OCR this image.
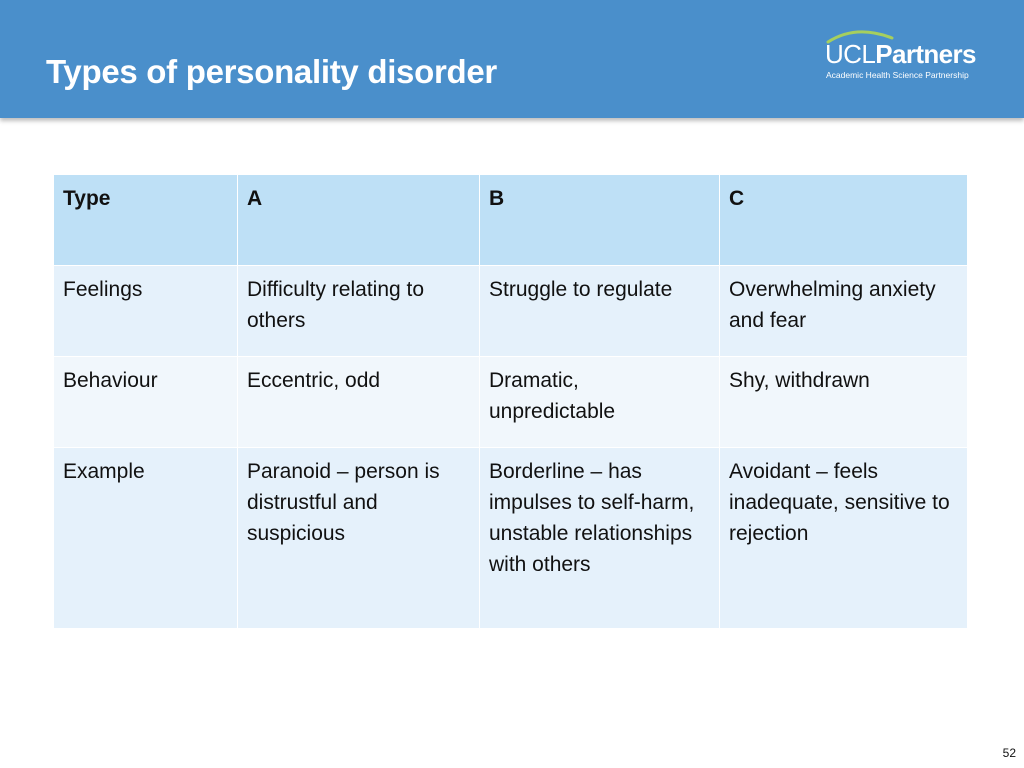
Types of personality disorder	UCLPartners
Academic Health Science Partnership
Type	A	B	C
Feelings	Difficulty relating to others	Struggle to regulate	Overwhelming anxiety and fear
Behaviour	Eccentric, odd	Dramatic, unpredictable	Shy, withdrawn
Example	Paranoid – person is distrustful and suspicious	Borderline – has impulses to self-harm, unstable relationships with others	Avoidant – feels inadequate, sensitive to rejection
52
